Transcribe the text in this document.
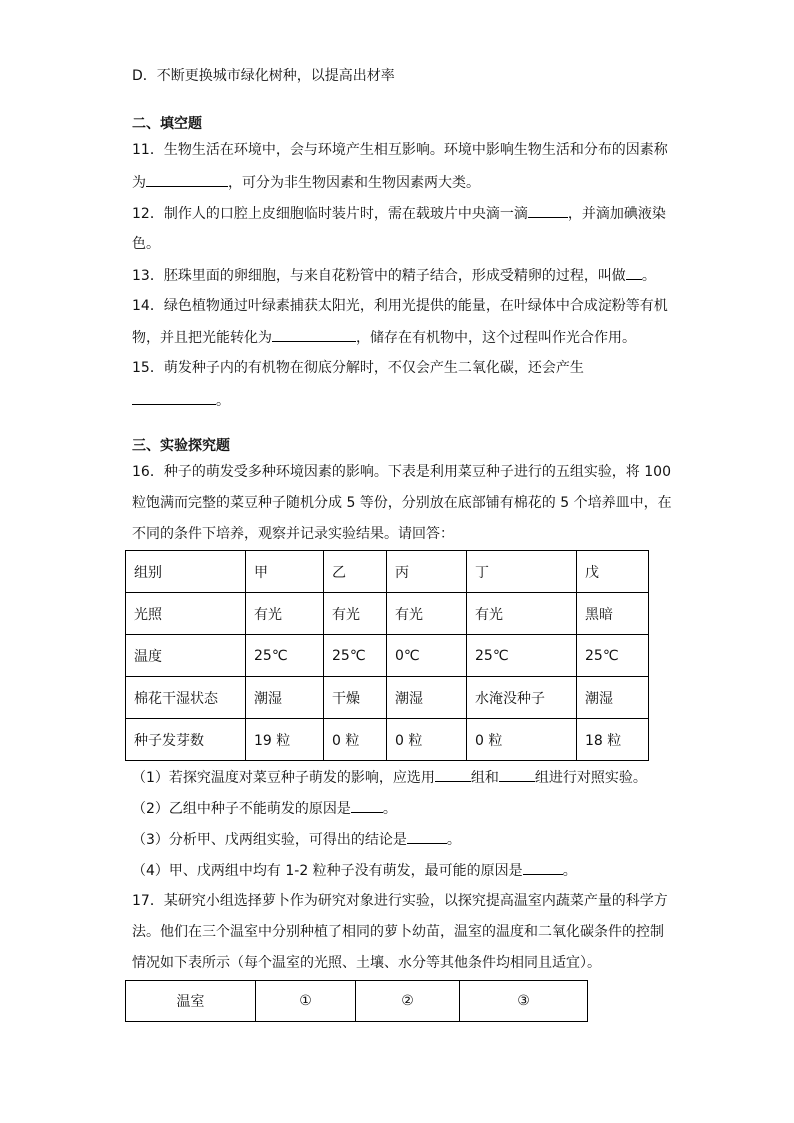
D．不断更换城市绿化树种，以提高出材率
二、填空题
11．生物生活在环境中，会与环境产生相互影响。环境中影响生物生活和分布的因素称
为	，可分为非生物因素和生物因素两大类。
12．制作人的口腔上皮细胞临时装片时，需在载玻片中央滴一滴	，并滴加碘液染
色。
13．胚珠里面的卵细胞，与来自花粉管中的精子结合，形成受精卵的过程，叫做 。
14．绿色植物通过叶绿素捕获太阳光，利用光提供的能量，在叶绿体中合成淀粉等有机
物，并且把光能转化为	，储存在有机物中，这个过程叫作光合作用。
15．萌发种子内的有机物在彻底分解时，不仅会产生二氧化碳，还会产生
。
三、实验探究题
16．种子的萌发受多种环境因素的影响。下表是利用菜豆种子进行的五组实验，将 100
粒饱满而完整的菜豆种子随机分成 5 等份，分别放在底部铺有棉花的 5 个培养皿中，在
不同的条件下培养，观察并记录实验结果。请回答：
组别	甲	乙	丙	丁	戊
光照	有光	有光	有光	有光	黑暗
温度	25℃	25℃	0℃	25℃	25℃
棉花干湿状态	潮湿	干燥	潮湿	水淹没种子	潮湿
种子发芽数	19 粒	0 粒	0 粒	0 粒	18 粒
（1）若探究温度对菜豆种子萌发的影响，应选用	组和	组进行对照实验。
（2）乙组中种子不能萌发的原因是 。
（3）分析甲、戊两组实验，可得出的结论是	。
（4）甲、戊两组中均有 1-2 粒种子没有萌发，最可能的原因是	。
17．某研究小组选择萝卜作为研究对象进行实验，以探究提高温室内蔬菜产量的科学方
法。他们在三个温室中分别种植了相同的萝卜幼苗，温室的温度和二氧化碳条件的控制
情况如下表所示（每个温室的光照、土壤、水分等其他条件均相同且适宜）。
温室	①	②	③
